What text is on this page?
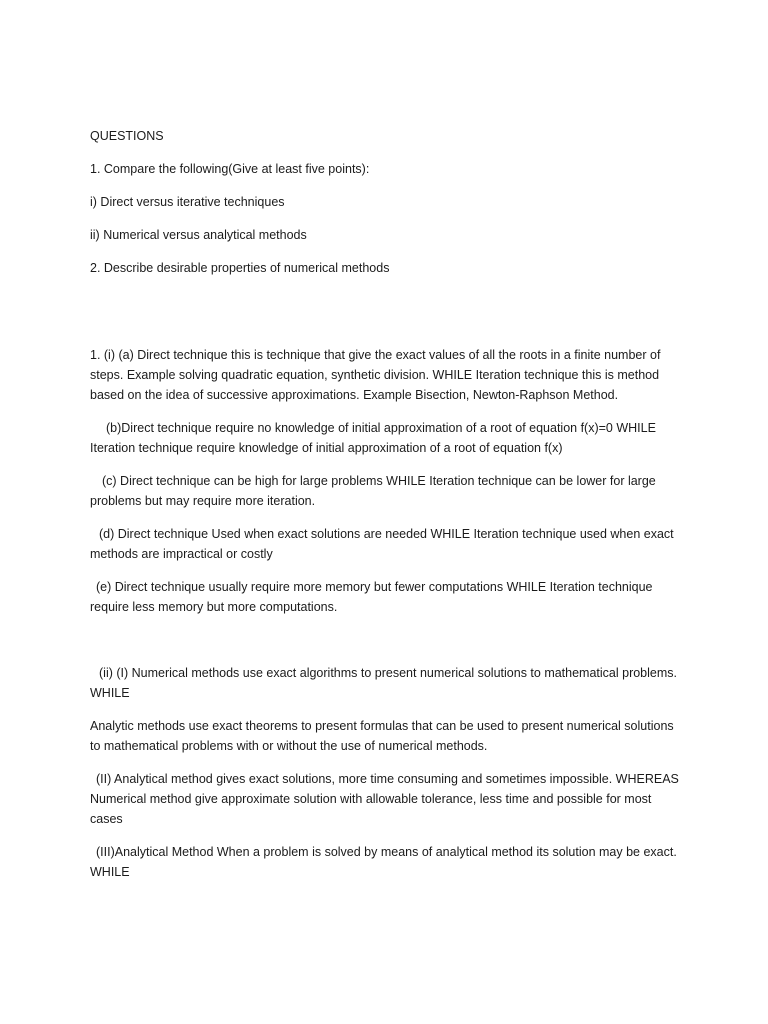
QUESTIONS

1. Compare the following(Give at least five points):

i) Direct versus iterative techniques

ii) Numerical versus analytical methods

2. Describe desirable properties of numerical methods

1. (i) (a) Direct technique this is technique that give the exact values of all the roots in a finite number of steps. Example solving quadratic equation, synthetic division. WHILE Iteration technique this is method based on the idea of successive approximations. Example Bisection, Newton-Raphson Method.

(b)Direct technique require no knowledge of initial approximation of a root of equation f(x)=0 WHILE Iteration technique require knowledge of initial approximation of a root of equation f(x)

(c) Direct technique can be high for large problems WHILE Iteration technique can be lower for large problems but may require more iteration.

(d) Direct technique Used when exact solutions are needed WHILE Iteration technique used when exact methods are impractical or costly

(e) Direct technique usually require more memory but fewer computations WHILE Iteration technique require less memory but more computations.

(ii) (I) Numerical methods use exact algorithms to present numerical solutions to mathematical problems. WHILE

Analytic methods use exact theorems to present formulas that can be used to present numerical solutions to mathematical problems with or without the use of numerical methods.

(II) Analytical method gives exact solutions, more time consuming and sometimes impossible. WHEREAS Numerical method give approximate solution with allowable tolerance, less time and possible for most cases

(III)Analytical Method When a problem is solved by means of analytical method its solution may be exact. WHILE
